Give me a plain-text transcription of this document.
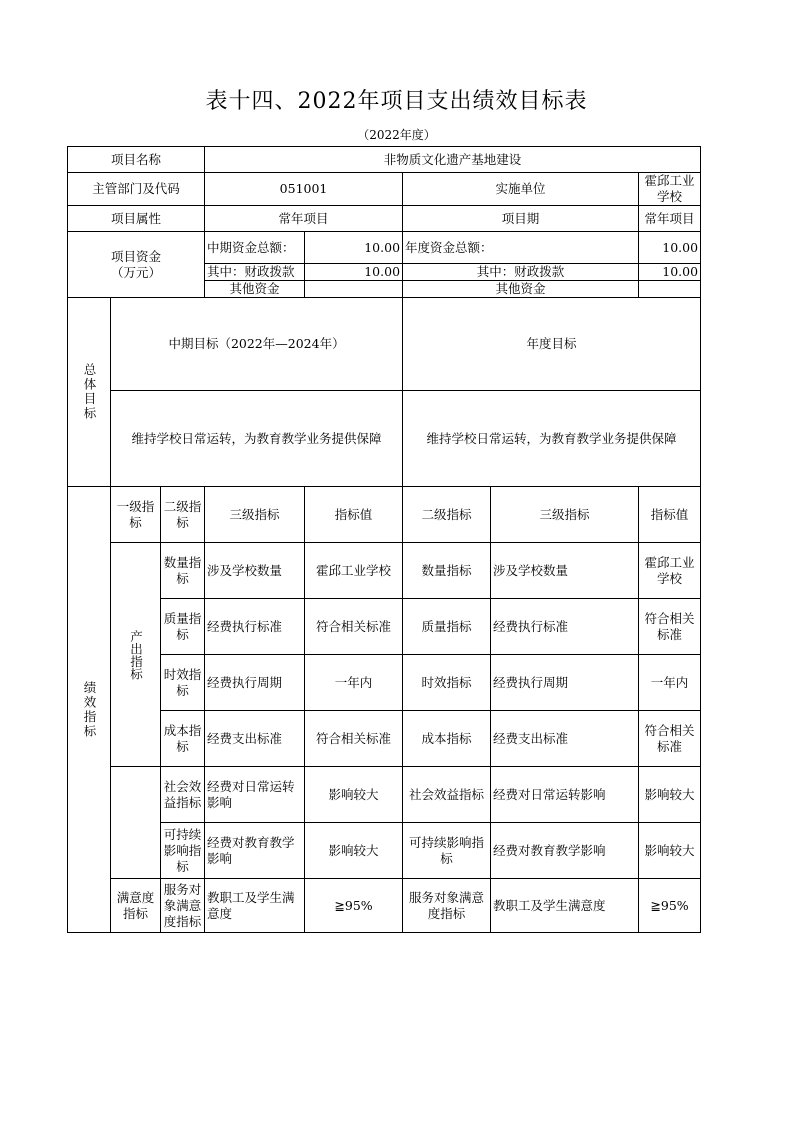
表十四、2022年项目支出绩效目标表
（2022年度）
项目名称			非物质文化遗产基地建设				
主管部门及代码			051001		实施单位		霍邱工业学校
项目属性			常年项目		项目期		常年项目

项目资金
（万元）			中期资金总额：	10.00	年度资金总额：		10.00
			其中：财政拨款	10.00	其中：财政拨款		10.00
			其他资金		其他资金		

总体目标	中期目标（2022年—2024年）				年度目标		
	维持学校日常运转，为教育教学业务提供保障				维持学校日常运转，为教育教学业务提供保障		

绩效指标	一级指标	二级指标	三级指标	指标值	二级指标	三级指标	指标值

	产出指标	数量指标	涉及学校数量	霍邱工业学校	数量指标	涉及学校数量	霍邱工业学校
		质量指标	经费执行标准	符合相关标准	质量指标	经费执行标准	符合相关标准
		时效指标	经费执行周期	一年内	时效指标	经费执行周期	一年内
		成本指标	经费支出标准	符合相关标准	成本指标	经费支出标准	符合相关标准
		社会效益指标	经费对日常运转影响	影响较大	社会效益指标	经费对日常运转影响	影响较大
		可持续影响指标	经费对教育教学影响	影响较大	可持续影响指标	经费对教育教学影响	影响较大
	满意度指标	服务对象满意度指标	教职工及学生满意度	≧95%	服务对象满意度指标	教职工及学生满意度	≧95%
